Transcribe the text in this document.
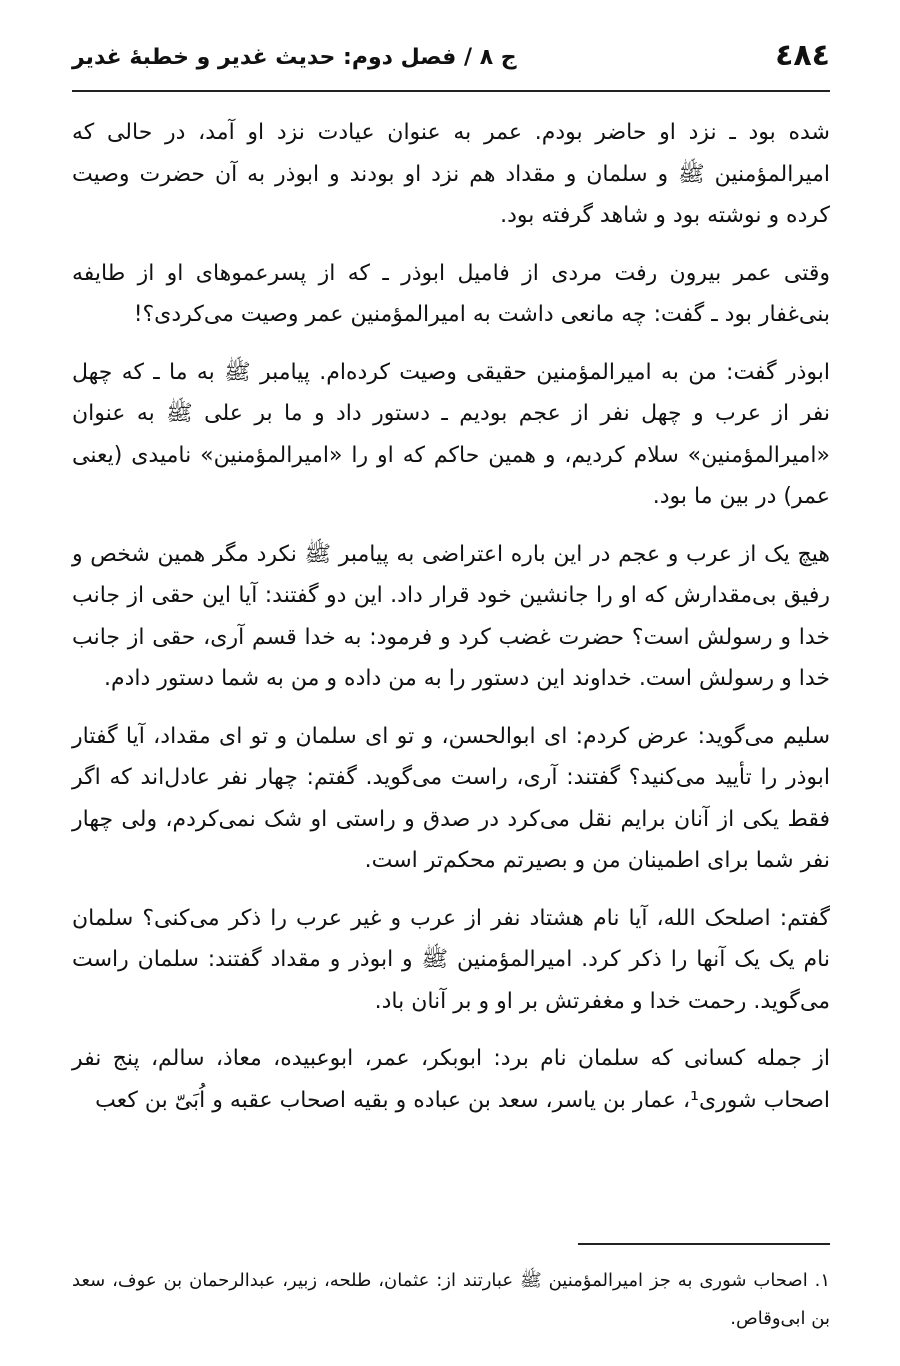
٤٨٤
ج ٨ / فصل دوم: حدیث غدیر و خطبۀ غدیر

شده بود ـ نزد او حاضر بودم. عمر به عنوان عیادت نزد او آمد، در حالی که امیرالمؤمنین ﷺ و سلمان و مقداد هم نزد او بودند و ابوذر به آن حضرت وصیت کرده و نوشته بود و شاهد گرفته بود.

وقتی عمر بیرون رفت مردی از فامیل ابوذر ـ که از پسرعموهای او از طایفه بنی‌غفار بود ـ گفت: چه مانعی داشت به امیرالمؤمنین عمر وصیت می‌کردی؟!

ابوذر گفت: من به امیرالمؤمنین حقیقی وصیت کرده‌ام. پیامبر ﷺ به ما ـ که چهل نفر از عرب و چهل نفر از عجم بودیم ـ دستور داد و ما بر علی ﷺ به عنوان «امیرالمؤمنین» سلام کردیم، و همین حاکم که او را «امیرالمؤمنین» نامیدی (یعنی عمر) در بین ما بود.

هیچ یک از عرب و عجم در این باره اعتراضی به پیامبر ﷺ نکرد مگر همین شخص و رفیق بی‌مقدارش که او را جانشین خود قرار داد. این دو گفتند: آیا این حقی از جانب خدا و رسولش است؟ حضرت غضب کرد و فرمود: به خدا قسم آری، حقی از جانب خدا و رسولش است. خداوند این دستور را به من داده و من به شما دستور دادم.

سلیم می‌گوید: عرض کردم: ای ابوالحسن، و تو ای سلمان و تو ای مقداد، آیا گفتار ابوذر را تأیید می‌کنید؟ گفتند: آری، راست می‌گوید. گفتم: چهار نفر عادل‌اند که اگر فقط یکی از آنان برایم نقل می‌کرد در صدق و راستی او شک نمی‌کردم، ولی چهار نفر شما برای اطمینان من و بصیرتم محکم‌تر است.

گفتم: اصلحک الله، آیا نام هشتاد نفر از عرب و غیر عرب را ذکر می‌کنی؟ سلمان نام یک یک آنها را ذکر کرد. امیرالمؤمنین ﷺ و ابوذر و مقداد گفتند: سلمان راست می‌گوید. رحمت خدا و مغفرتش بر او و بر آنان باد.

از جمله کسانی که سلمان نام برد: ابوبکر، عمر، ابوعبیده، معاذ، سالم، پنج نفر اصحاب شوری¹، عمار بن یاسر، سعد بن عباده و بقیه اصحاب عقبه و اُبَیّ بن کعب

۱. اصحاب شوری به جز امیرالمؤمنین ﷺ عبارتند از: عثمان، طلحه، زبیر، عبدالرحمان بن عوف، سعد بن ابی‌وقاص.
